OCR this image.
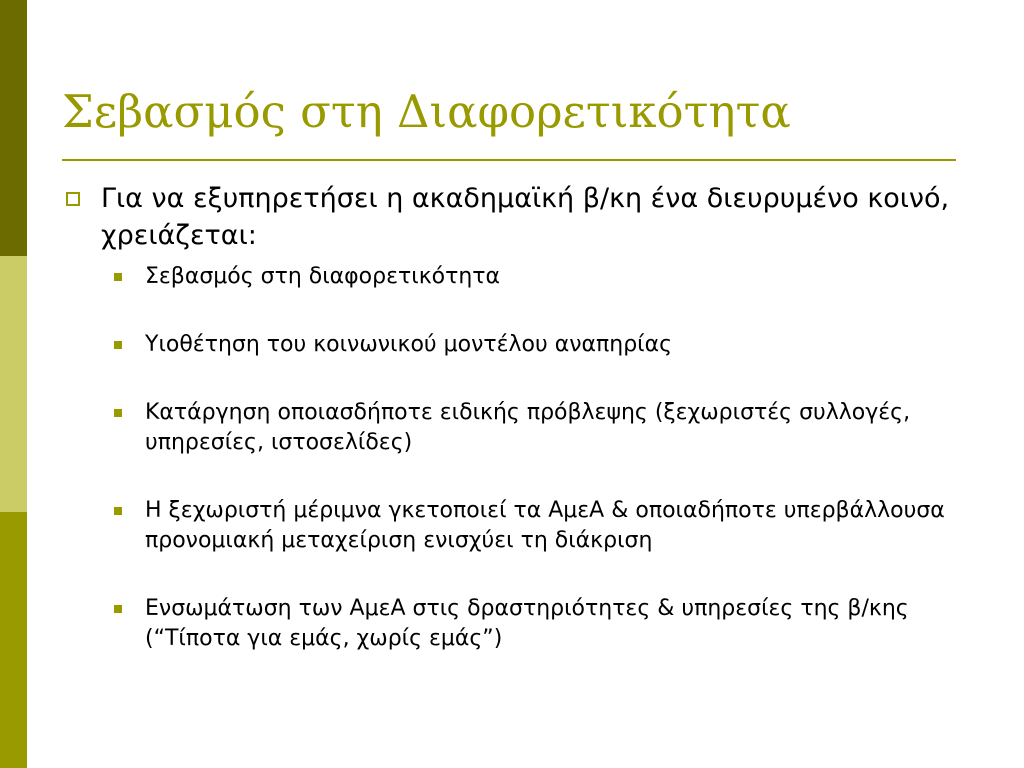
Σεβασμός στη Διαφορετικότητα
Για να εξυπηρετήσει η ακαδημαϊκή β/κη ένα διευρυμένο κοινό, χρειάζεται:
Σεβασμός στη διαφορετικότητα
Υιοθέτηση του κοινωνικού μοντέλου αναπηρίας
Κατάργηση οποιασδήποτε ειδικής πρόβλεψης (ξεχωριστές συλλογές, υπηρεσίες, ιστοσελίδες)
Η ξεχωριστή μέριμνα γκετοποιεί τα ΑμεΑ & οποιαδήποτε υπερβάλλουσα προνομιακή μεταχείριση ενισχύει τη διάκριση
Ενσωμάτωση των ΑμεΑ στις δραστηριότητες & υπηρεσίες της β/κης (“Τίποτα για εμάς, χωρίς εμάς”)
